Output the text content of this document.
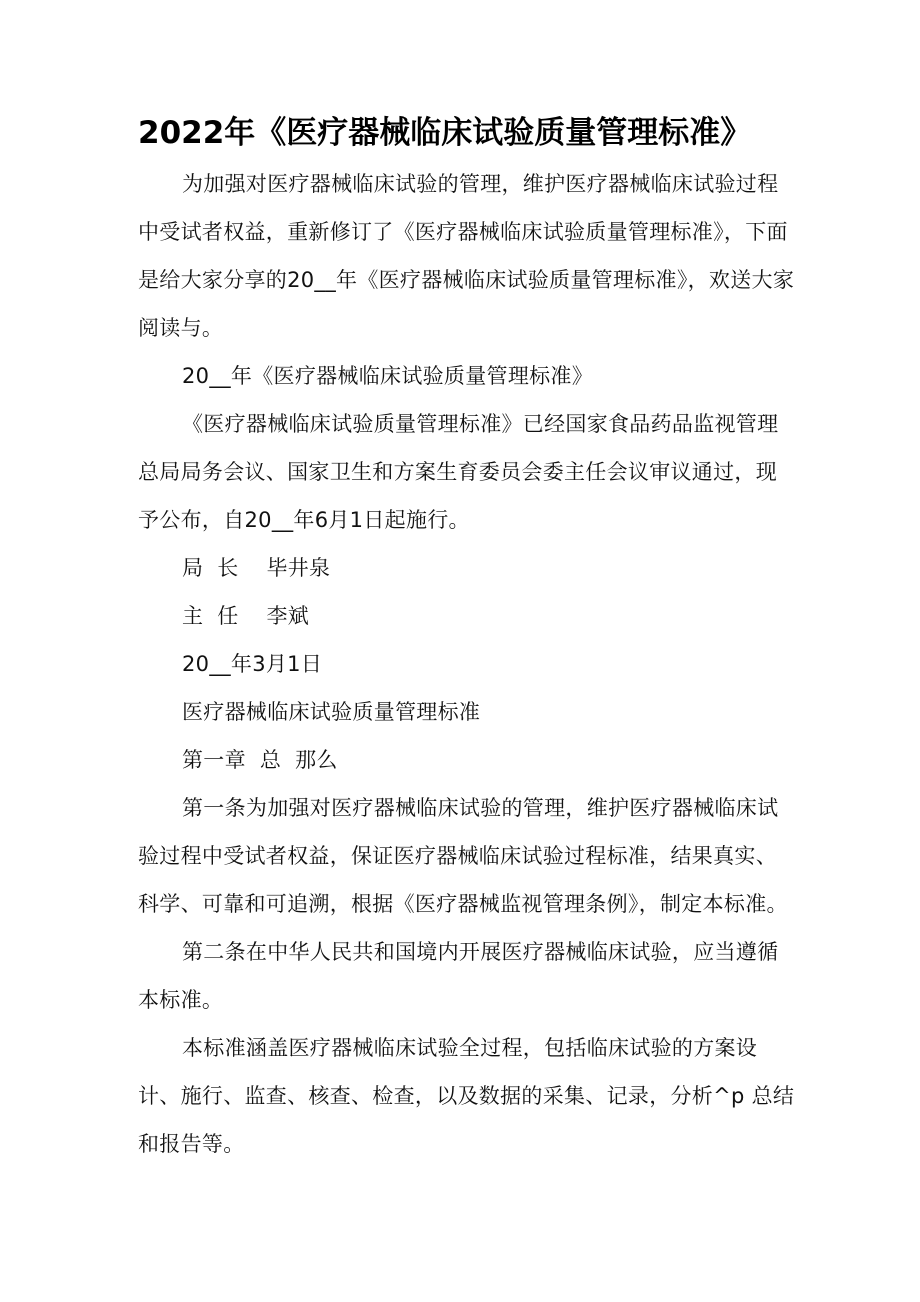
2022年《医疗器械临床试验质量管理标准》

为加强对医疗器械临床试验的管理，维护医疗器械临床试验过程中受试者权益，重新修订了《医疗器械临床试验质量管理标准》，下面是给大家分享的20__年《医疗器械临床试验质量管理标准》，欢送大家阅读与。

20__年《医疗器械临床试验质量管理标准》

《医疗器械临床试验质量管理标准》已经国家食品药品监视管理总局局务会议、国家卫生和方案生育委员会委主任会议审议通过，现予公布，自20__年6月1日起施行。

局  长    毕井泉

主  任    李斌

20__年3月1日

医疗器械临床试验质量管理标准

第一章  总  那么

第一条为加强对医疗器械临床试验的管理，维护医疗器械临床试验过程中受试者权益，保证医疗器械临床试验过程标准，结果真实、科学、可靠和可追溯，根据《医疗器械监视管理条例》，制定本标准。

第二条在中华人民共和国境内开展医疗器械临床试验，应当遵循本标准。

本标准涵盖医疗器械临床试验全过程，包括临床试验的方案设计、施行、监查、核查、检查，以及数据的采集、记录，分析^p 总结和报告等。
